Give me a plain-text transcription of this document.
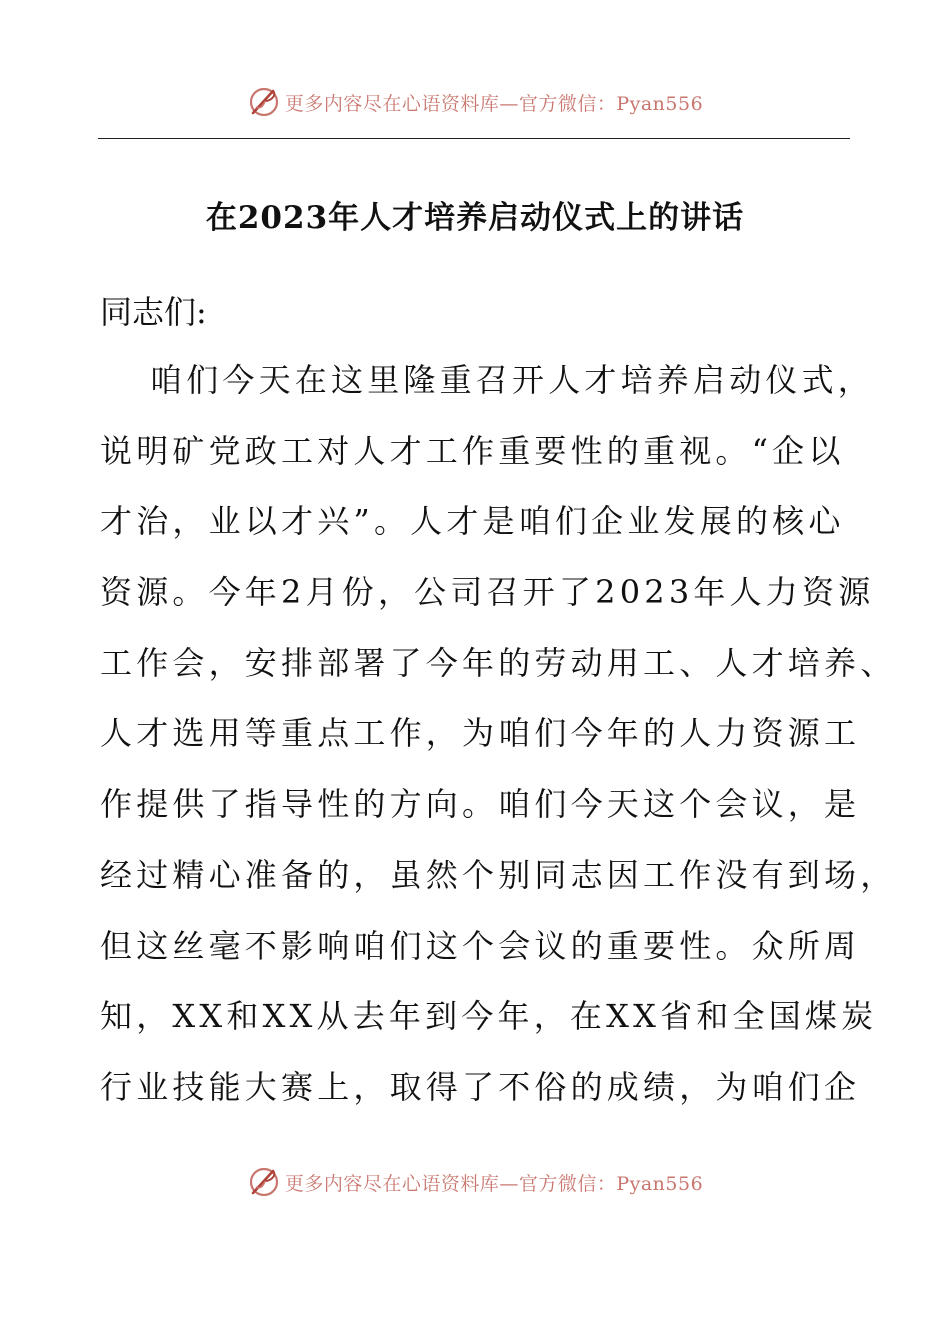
更多内容尽在心语资料库—官方微信：Pyan556
在2023年人才培养启动仪式上的讲话
同志们:
咱们今天在这里隆重召开人才培养启动仪式，
说明矿党政工对人才工作重要性的重视。“企以
才治，业以才兴”。人才是咱们企业发展的核心
资源。今年2月份，公司召开了2023年人力资源
工作会，安排部署了今年的劳动用工、人才培养、
人才选用等重点工作，为咱们今年的人力资源工
作提供了指导性的方向。咱们今天这个会议，是
经过精心准备的，虽然个别同志因工作没有到场，
但这丝毫不影响咱们这个会议的重要性。众所周
知，XX和XX从去年到今年，在XX省和全国煤炭
行业技能大赛上，取得了不俗的成绩，为咱们企
更多内容尽在心语资料库—官方微信：Pyan556
